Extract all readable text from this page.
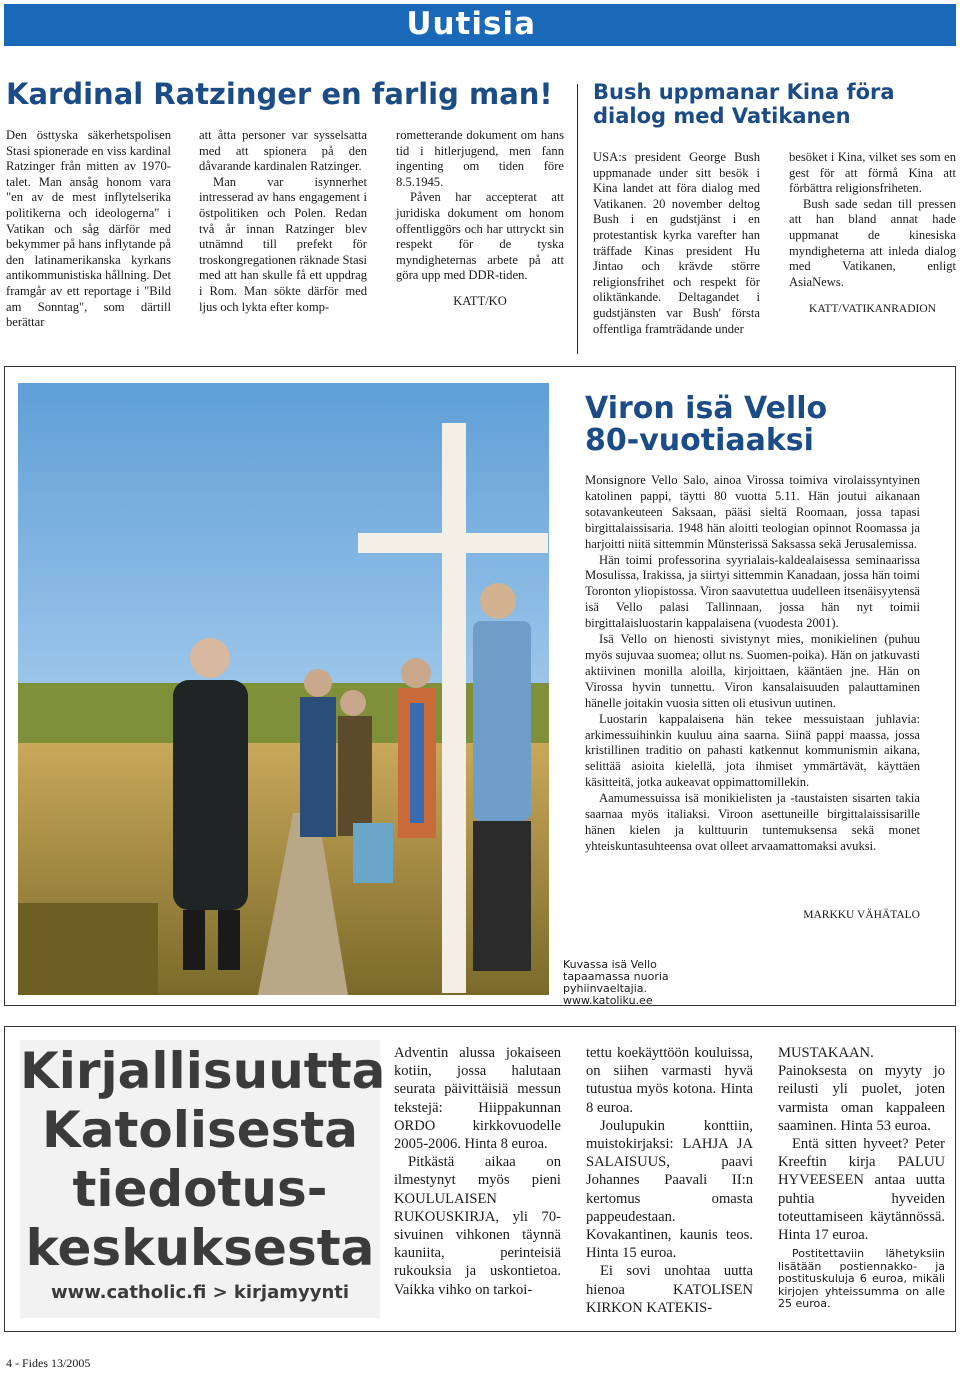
Uutisia
Kardinal Ratzinger en farlig man!

Den östtyska säkerhetspolisen Stasi spionerade en viss kardinal Ratzinger från mitten av 1970-talet. Man ansåg honom vara "en av de mest inflytelserika politikerna och ideologerna" i Vatikan och såg därför med bekymmer på hans inflytande på den latinamerikanska kyrkans antikommunistiska hållning. Det framgår av ett reportage i "Bild am Sonntag", som därtill berättar

att åtta personer var sysselsatta med att spionera på den dåvarande kardinalen Ratzinger.

Man var isynnerhet intresserad av hans engagement i östpolitiken och Polen. Redan två år innan Ratzinger blev utnämnd till prefekt för troskongregationen räknade Stasi med att han skulle få ett uppdrag i Rom. Man sökte därför med ljus och lykta efter komp-

rometterande dokument om hans tid i hitlerjugend, men fann ingenting om tiden före 8.5.1945.

Påven har accepterat att juridiska dokument om honom offentliggörs och har uttryckt sin respekt för de tyska myndigheternas arbete på att göra upp med DDR-tiden.

KATT/KO
Bush uppmanar Kina föra
dialog med Vatikanen

USA:s president George Bush uppmanade under sitt besök i Kina landet att föra dialog med Vatikanen. 20 november deltog Bush i en gudstjänst i en protestantisk kyrka varefter han träffade Kinas president Hu Jintao och krävde större religionsfrihet och respekt för oliktänkande. Deltagandet i gudstjänsten var Bush' första offentliga framträdande under

besöket i Kina, vilket ses som en gest för att förmå Kina att förbättra religionsfriheten.

Bush sade sedan till pressen att han bland annat hade uppmanat de kinesiska myndigheterna att inleda dialog med Vatikanen, enligt AsiaNews.

KATT/VATIKANRADION
Viron isä Vello
80-vuotiaaksi

Monsignore Vello Salo, ainoa Virossa toimiva virolaissyntyinen katolinen pappi, täytti 80 vuotta 5.11. Hän joutui aikanaan sotavankeuteen Saksaan, pääsi sieltä Roomaan, jossa tapasi birgittalaissisaria. 1948 hän aloitti teologian opinnot Roomassa ja harjoitti niitä sittemmin Münsterissä Saksassa sekä Jerusalemissa.

Hän toimi professorina syyrialais-kaldealaisessa seminaarissa Mosulissa, Irakissa, ja siirtyi sittemmin Kanadaan, jossa hän toimi Toronton yliopistossa. Viron saavutettua uudelleen itsenäisyytensä isä Vello palasi Tallinnaan, jossa hän nyt toimii birgittalaisluostarin kappalaisena (vuodesta 2001).

Isä Vello on hienosti sivistynyt mies, monikielinen (puhuu myös sujuvaa suomea; ollut ns. Suomen-poika). Hän on jatkuvasti aktiivinen monilla aloilla, kirjoittaen, kääntäen jne. Hän on Virossa hyvin tunnettu. Viron kansalaisuuden palauttaminen hänelle joitakin vuosia sitten oli etusivun uutinen.

Luostarin kappalaisena hän tekee messuistaan juhlavia: arkimessuihinkin kuuluu aina saarna. Siinä pappi maassa, jossa kristillinen traditio on pahasti katkennut kommunismin aikana, selittää asioita kielellä, jota ihmiset ymmärtävät, käyttäen käsitteitä, jotka aukeavat oppimattomillekin.

Aamumessuissa isä monikielisten ja -taustaisten sisarten takia saarnaa myös italiaksi. Viroon asettuneille birgittalaissisarille hänen kielen ja kulttuurin tuntemuksensa sekä monet yhteiskuntasuhteensa ovat olleet arvaamattomaksi avuksi.

MARKKU VÄHÄTALO
Kuvassa isä Vello tapaamassa nuoria pyhiinvaeltajia. www.katoliku.ee
Kirjallisuutta
Katolisesta
tiedotus-
keskuksesta
www.catholic.fi > kirjamyynti

Adventin alussa jokaiseen kotiin, jossa halutaan seurata päivittäisiä messun tekstejä: Hiippakunnan ORDO kirkkovuodelle 2005-2006. Hinta 8 euroa.

Pitkästä aikaa on ilmestynyt myös pieni KOULULAISEN RUKOUSKIRJA, yli 70-sivuinen vihkonen täynnä kauniita, perinteisiä rukouksia ja uskontietoa. Vaikka vihko on tarkoi-

tettu koekäyttöön kouluissa, on siihen varmasti hyvä tutustua myös kotona. Hinta 8 euroa.

Joulupukin konttiin, muistokirjaksi: LAHJA JA SALAISUUS, paavi Johannes Paavali II:n kertomus omasta pappeudestaan. Kovakantinen, kaunis teos. Hinta 15 euroa.

Ei sovi unohtaa uutta hienoa KATOLISEN KIRKON KATEKIS-

MUSTAKAAN. Painoksesta on myyty jo reilusti yli puolet, joten varmista oman kappaleen saaminen. Hinta 53 euroa.

Entä sitten hyveet? Peter Kreeftin kirja PALUU HYVEESEEN antaa uutta puhtia hyveiden toteuttamiseen käytännössä. Hinta 17 euroa.

Postitettaviin lähetyksiin lisätään postiennakko- ja postituskuluja 6 euroa, mikäli kirjojen yhteissumma on alle 25 euroa.

4 - Fides 13/2005
